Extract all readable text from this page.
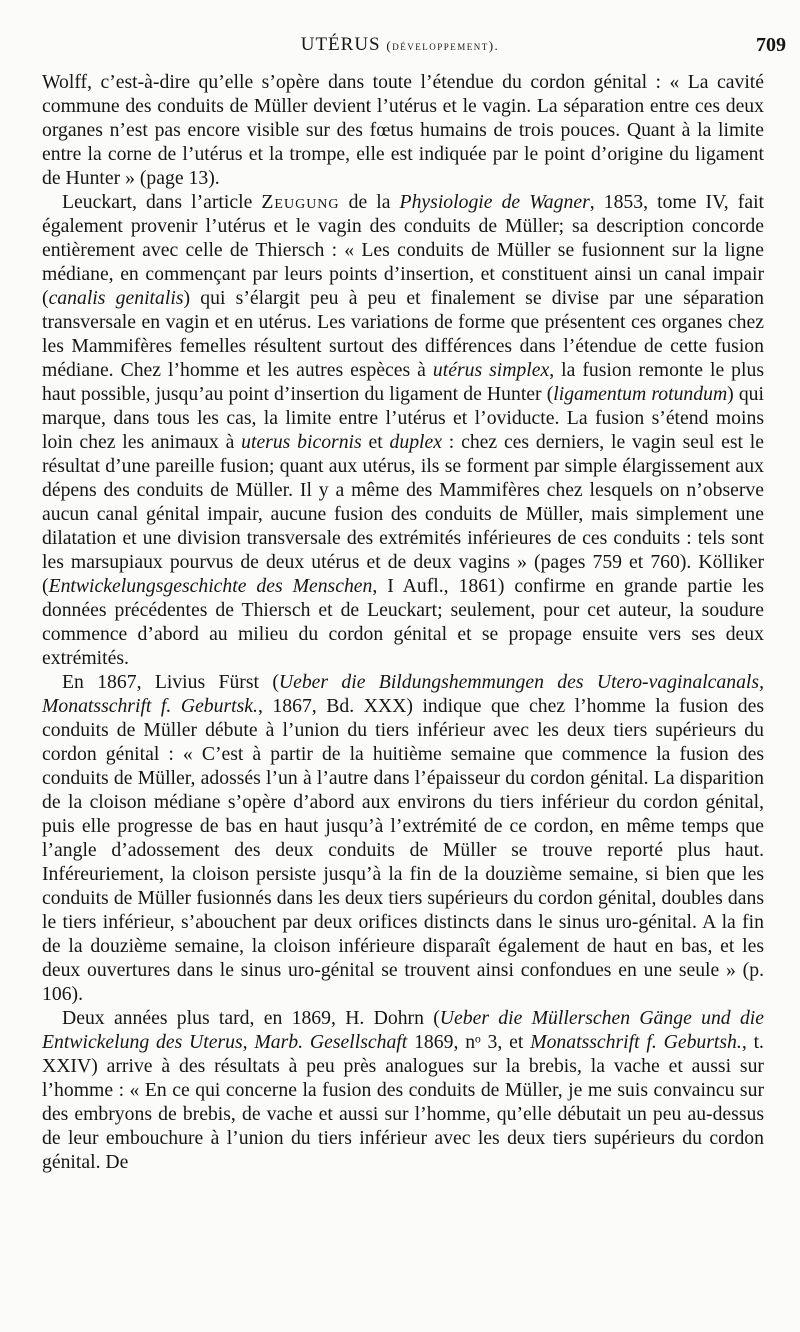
UTÉRUS (développement).	709

Wolff, c’est-à-dire qu’elle s’opère dans toute l’étendue du cordon génital : « La cavité commune des conduits de Müller devient l’utérus et le vagin. La séparation entre ces deux organes n’est pas encore visible sur des fœtus humains de trois pouces. Quant à la limite entre la corne de l’utérus et la trompe, elle est indiquée par le point d’origine du ligament de Hunter » (page 13).

Leuckart, dans l’article Zeugung de la Physiologie de Wagner, 1853, tome IV, fait également provenir l’utérus et le vagin des conduits de Müller; sa description concorde entièrement avec celle de Thiersch : « Les conduits de Müller se fusionnent sur la ligne médiane, en commençant par leurs points d’insertion, et constituent ainsi un canal impair (canalis genitalis) qui s’élargit peu à peu et finalement se divise par une séparation transversale en vagin et en utérus. Les variations de forme que présentent ces organes chez les Mammifères femelles résultent surtout des différences dans l’étendue de cette fusion médiane. Chez l’homme et les autres espèces à utérus simplex, la fusion remonte le plus haut possible, jusqu’au point d’insertion du ligament de Hunter (ligamentum rotundum) qui marque, dans tous les cas, la limite entre l’utérus et l’oviducte. La fusion s’étend moins loin chez les animaux à uterus bicornis et duplex : chez ces derniers, le vagin seul est le résultat d’une pareille fusion; quant aux utérus, ils se forment par simple élargissement aux dépens des conduits de Müller. Il y a même des Mammifères chez lesquels on n’observe aucun canal génital impair, aucune fusion des conduits de Müller, mais simplement une dilatation et une division transversale des extrémités inférieures de ces conduits : tels sont les marsupiaux pourvus de deux utérus et de deux vagins » (pages 759 et 760). Kölliker (Entwickelungsgeschichte des Menschen, I Aufl., 1861) confirme en grande partie les données précédentes de Thiersch et de Leuckart; seulement, pour cet auteur, la soudure commence d’abord au milieu du cordon génital et se propage ensuite vers ses deux extrémités.

En 1867, Livius Fürst (Ueber die Bildungshemmungen des Utero-vaginalcanals, Monatsschrift f. Geburtsk., 1867, Bd. XXX) indique que chez l’homme la fusion des conduits de Müller débute à l’union du tiers inférieur avec les deux tiers supérieurs du cordon génital : « C’est à partir de la huitième semaine que commence la fusion des conduits de Müller, adossés l’un à l’autre dans l’épaisseur du cordon génital. La disparition de la cloison médiane s’opère d’abord aux environs du tiers inférieur du cordon génital, puis elle progresse de bas en haut jusqu’à l’extrémité de ce cordon, en même temps que l’angle d’adossement des deux conduits de Müller se trouve reporté plus haut. Inféreuriement, la cloison persiste jusqu’à la fin de la douzième semaine, si bien que les conduits de Müller fusionnés dans les deux tiers supérieurs du cordon génital, doubles dans le tiers inférieur, s’abouchent par deux orifices distincts dans le sinus uro-génital. A la fin de la douzième semaine, la cloison inférieure disparaît également de haut en bas, et les deux ouvertures dans le sinus uro-génital se trouvent ainsi confondues en une seule » (p. 106).

Deux années plus tard, en 1869, H. Dohrn (Ueber die Müllerschen Gänge und die Entwickelung des Uterus, Marb. Gesellschaft 1869, nᵒ 3, et Monatsschrift f. Geburtsh., t. XXIV) arrive à des résultats à peu près analogues sur la brebis, la vache et aussi sur l’homme : « En ce qui concerne la fusion des conduits de Müller, je me suis convaincu sur des embryons de brebis, de vache et aussi sur l’homme, qu’elle débutait un peu au-dessus de leur embouchure à l’union du tiers inférieur avec les deux tiers supérieurs du cordon génital. De
